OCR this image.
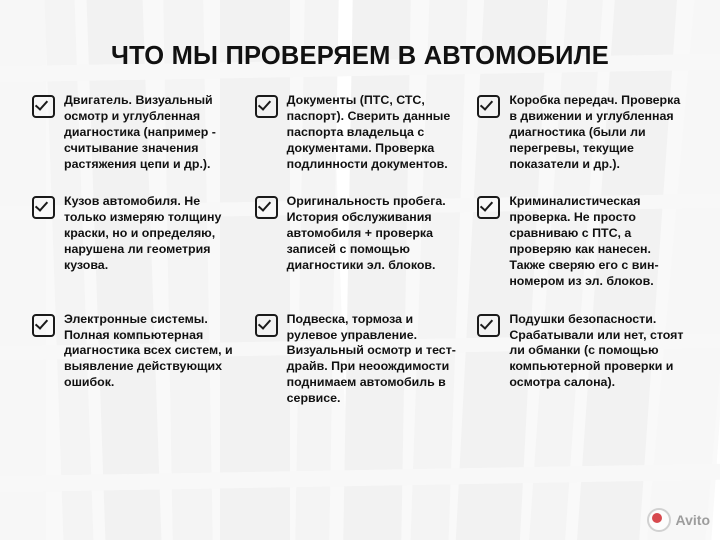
ЧТО МЫ ПРОВЕРЯЕМ В АВТОМОБИЛЕ
Двигатель. Визуальный осмотр и углубленная диагностика (например - считывание значения растяжения цепи и др.).
Документы (ПТС, СТС, паспорт). Сверить данные паспорта владельца с документами. Проверка подлинности документов.
Коробка передач. Проверка в движении и углубленная диагностика (были ли перегревы, текущие показатели и др.).
Кузов автомобиля. Не только измеряю толщину краски, но и определяю, нарушена ли геометрия кузова.
Оригинальность пробега. История обслуживания автомобиля + проверка записей с помощью диагностики эл. блоков.
Криминалистическая проверка. Не просто сравниваю с ПТС, а проверяю как нанесен. Также сверяю его с вин-номером из эл. блоков.
Электронные системы. Полная компьютерная диагностика всех систем, и выявление действующих ошибок.
Подвеска, тормоза и рулевое управление. Визуальный осмотр и тест-драйв. При неоождимости поднимаем автомобиль в сервисе.
Подушки безопасности. Срабатывали или нет, стоят ли обманки (с помощью компьютерной проверки и осмотра салона).
Avito
